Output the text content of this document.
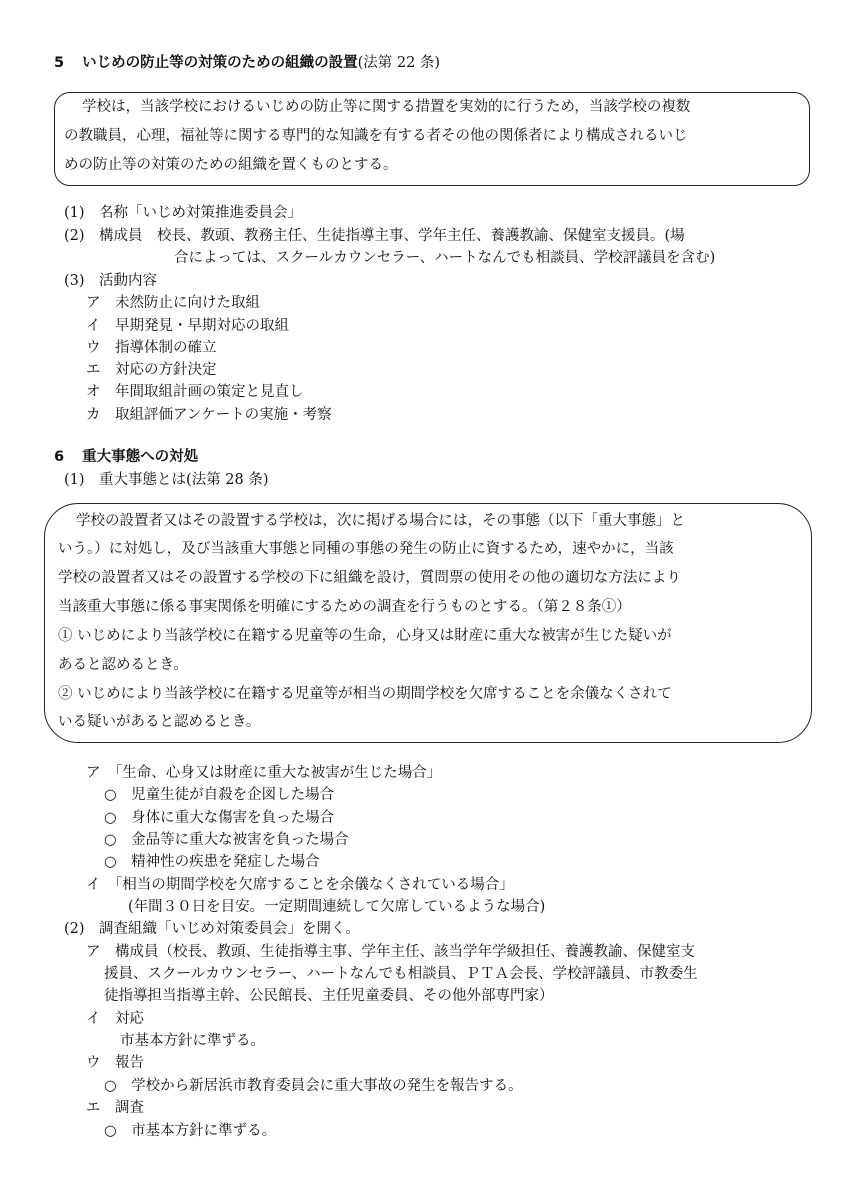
5 いじめの防止等の対策のための組織の設置(法第 22 条)
学校は，当該学校におけるいじめの防止等に関する措置を実効的に行うため，当該学校の複数
の教職員，心理，福祉等に関する専門的な知識を有する者その他の関係者により構成されるいじ
めの防止等の対策のための組織を置くものとする。
(1)　名称「いじめ対策推進委員会」
(2)　構成員　校長、教頭、教務主任、生徒指導主事、学年主任、養護教諭、保健室支援員。(場
合によっては、スクールカウンセラー、ハートなんでも相談員、学校評議員を含む)
(3)　活動内容
ア　未然防止に向けた取組
イ　早期発見・早期対応の取組
ウ　指導体制の確立
エ　対応の方針決定
オ　年間取組計画の策定と見直し
カ　取組評価アンケートの実施・考察
6 重大事態への対処
(1)　重大事態とは(法第 28 条)
学校の設置者又はその設置する学校は，次に掲げる場合には，その事態（以下「重大事態」と
いう。）に対処し，及び当該重大事態と同種の事態の発生の防止に資するため，速やかに，当該
学校の設置者又はその設置する学校の下に組織を設け，質問票の使用その他の適切な方法により
当該重大事態に係る事実関係を明確にするための調査を行うものとする。（第２８条①）
① いじめにより当該学校に在籍する児童等の生命，心身又は財産に重大な被害が生じた疑いが
あると認めるとき。
② いじめにより当該学校に在籍する児童等が相当の期間学校を欠席することを余儀なくされて
いる疑いがあると認めるとき。
ア　「生命、心身又は財産に重大な被害が生じた場合」
○　児童生徒が自殺を企図した場合
○　身体に重大な傷害を負った場合
○　金品等に重大な被害を負った場合
○　精神性の疾患を発症した場合
イ　「相当の期間学校を欠席することを余儀なくされている場合」
(年間３０日を目安。一定期間連続して欠席しているような場合)
(2)　調査組織「いじめ対策委員会」を開く。
ア　構成員（校長、教頭、生徒指導主事、学年主任、該当学年学級担任、養護教諭、保健室支
援員、スクールカウンセラー、ハートなんでも相談員、ＰＴＡ会長、学校評議員、市教委生
徒指導担当指導主幹、公民館長、主任児童委員、その他外部専門家）
イ　対応
市基本方針に準ずる。
ウ　報告
○　学校から新居浜市教育委員会に重大事故の発生を報告する。
エ　調査
○　市基本方針に準ずる。
